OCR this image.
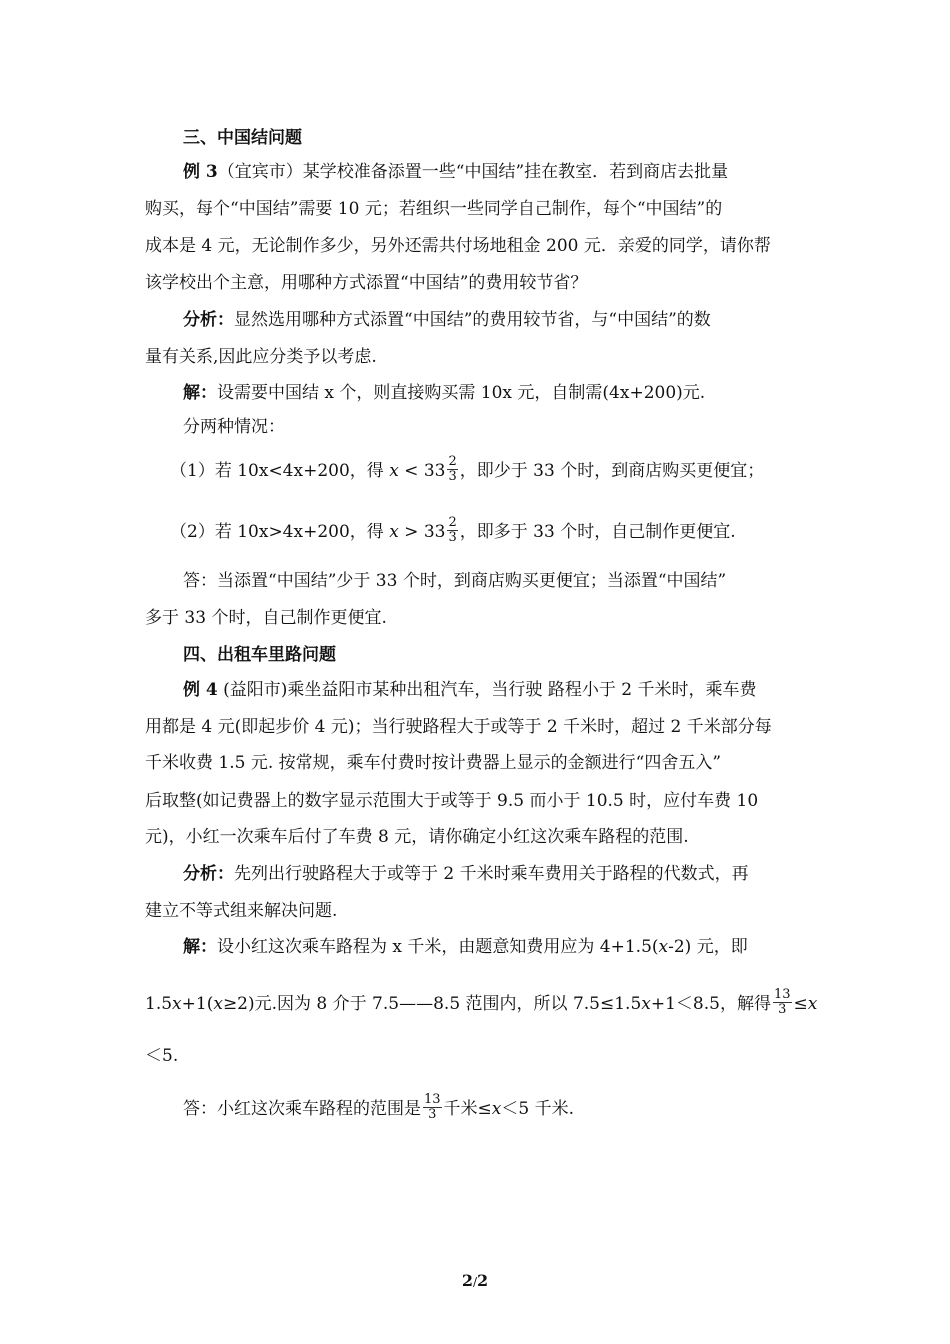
三、中国结问题
例 3（宜宾市）某学校准备添置一些“中国结”挂在教室．若到商店去批量
购买，每个“中国结”需要 10 元；若组织一些同学自己制作，每个“中国结”的
成本是 4 元，无论制作多少，另外还需共付场地租金 200 元．亲爱的同学，请你帮
该学校出个主意，用哪种方式添置“中国结”的费用较节省？
分析：显然选用哪种方式添置“中国结”的费用较节省，与“中国结”的数
量有关系,因此应分类予以考虑.
解：设需要中国结 x 个，则直接购买需 10x 元，自制需(4x+200)元.
分两种情况：
（1）若 10x<4x+200，得 $x < 33 \frac{2}{3}$ ，即少于 33 个时，到商店购买更便宜；
（2）若 10x>4x+200，得 $x > 33 \frac{2}{3}$ ，即多于 33 个时，自己制作更便宜.
答：当添置“中国结”少于 33 个时，到商店购买更便宜；当添置“中国结”
多于 33 个时，自己制作更便宜.
四、出租车里路问题
例 4 (益阳市)乘坐益阳市某种出租汽车，当行驶 路程小于 2 千米时，乘车费
用都是 4 元(即起步价 4 元)；当行驶路程大于或等于 2 千米时，超过 2 千米部分每
千米收费 1.5 元. 按常规，乘车付费时按计费器上显示的金额进行“四舍五入”
后取整(如记费器上的数字显示范围大于或等于 9.5 而小于 10.5 时，应付车费 10
元)，小红一次乘车后付了车费 8 元，请你确定小红这次乘车路程的范围.
分析：先列出行驶路程大于或等于 2 千米时乘车费用关于路程的代数式，再
建立不等式组来解决问题.
解：设小红这次乘车路程为 x 千米，由题意知费用应为 4+1.5(x-2) 元，即
1.5x+1(x≥2)元.因为 8 介于 7.5——8.5 范围内，所以 7.5≤1.5x+1＜8.5，解得 $\frac{13}{3} \le x$
＜5.
答：小红这次乘车路程的范围是 $\frac{13}{3}$ 千米≤x＜5 千米.
2/2
